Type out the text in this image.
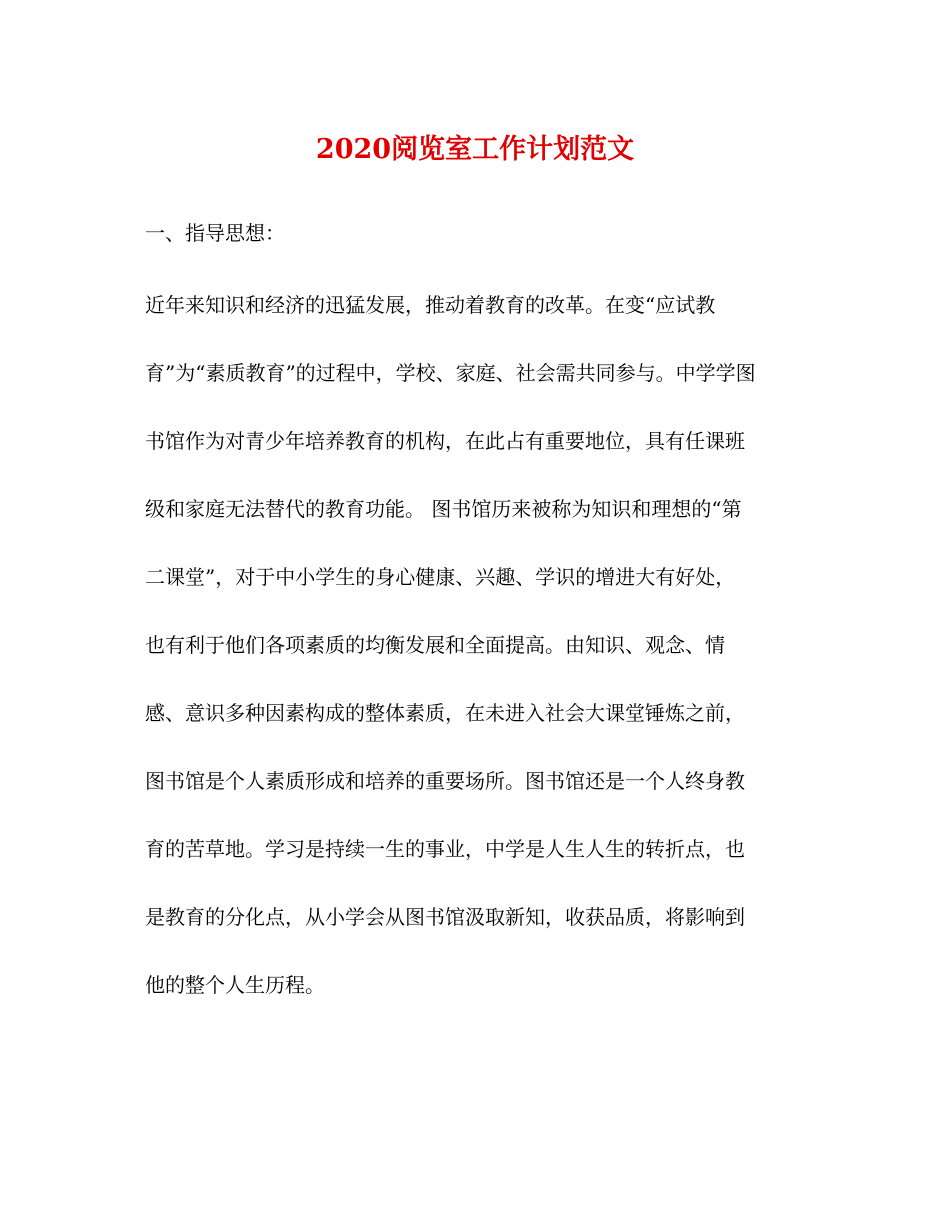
2020阅览室工作计划范文

一、指导思想：

近年来知识和经济的迅猛发展，推动着教育的改革。在变“应试教
育”为“素质教育”的过程中，学校、家庭、社会需共同参与。中学学图
书馆作为对青少年培养教育的机构，在此占有重要地位，具有任课班
级和家庭无法替代的教育功能。 图书馆历来被称为知识和理想的“第
二课堂”，对于中小学生的身心健康、兴趣、学识的增进大有好处，
也有利于他们各项素质的均衡发展和全面提高。由知识、观念、情
感、意识多种因素构成的整体素质，在未进入社会大课堂锤炼之前，
图书馆是个人素质形成和培养的重要场所。图书馆还是一个人终身教
育的苦草地。学习是持续一生的事业，中学是人生人生的转折点，也
是教育的分化点，从小学会从图书馆汲取新知，收获品质，将影响到
他的整个人生历程。
